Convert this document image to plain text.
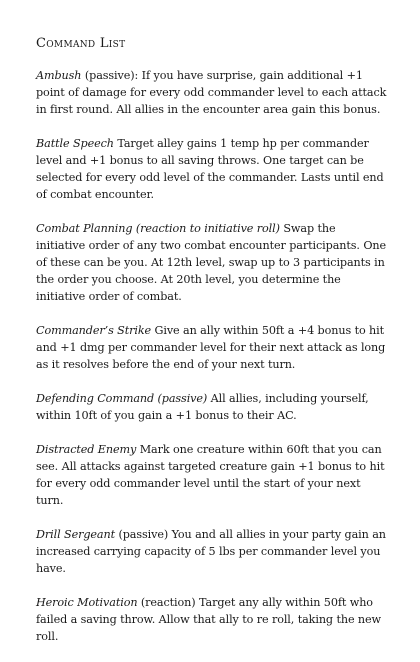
Command List

Ambush (passive): If you have surprise, gain additional +1 point of damage for every odd commander level to each attack in first round. All allies in the encounter area gain this bonus.

Battle Speech Target alley gains 1 temp hp per commander level and +1 bonus to all saving throws. One target can be selected for every odd level of the commander. Lasts until end of combat encounter.

Combat Planning (reaction to initiative roll) Swap the initiative order of any two combat encounter participants. One of these can be you. At 12th level, swap up to 3 participants in the order you choose. At 20th level, you determine the initiative order of combat.

Commander’s Strike Give an ally within 50ft a +4 bonus to hit and +1 dmg per commander level for their next attack as long as it resolves before the end of your next turn.

Defending Command (passive) All allies, including yourself, within 10ft of you gain a +1 bonus to their AC.

Distracted Enemy Mark one creature within 60ft that you can see. All attacks against targeted creature gain +1 bonus to hit for every odd commander level until the start of your next turn.

Drill Sergeant (passive) You and all allies in your party gain an increased carrying capacity of 5 lbs per commander level you have.

Heroic Motivation (reaction) Target any ally within 50ft who failed a saving throw. Allow that ally to re roll, taking the new roll.
